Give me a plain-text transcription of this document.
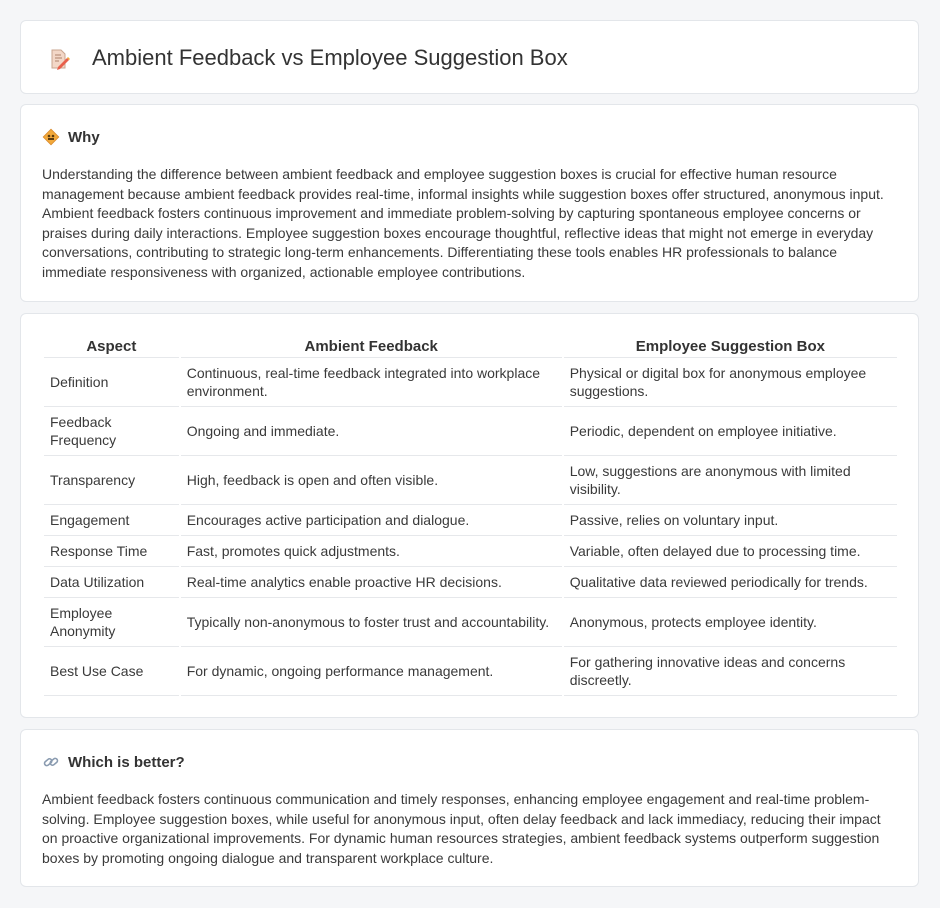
Ambient Feedback vs Employee Suggestion Box
Why

Understanding the difference between ambient feedback and employee suggestion boxes is crucial for effective human resource management because ambient feedback provides real-time, informal insights while suggestion boxes offer structured, anonymous input. Ambient feedback fosters continuous improvement and immediate problem-solving by capturing spontaneous employee concerns or praises during daily interactions. Employee suggestion boxes encourage thoughtful, reflective ideas that might not emerge in everyday conversations, contributing to strategic long-term enhancements. Differentiating these tools enables HR professionals to balance immediate responsiveness with organized, actionable employee contributions.

Aspect	Ambient Feedback	Employee Suggestion Box
Definition	Continuous, real-time feedback integrated into workplace environment.	Physical or digital box for anonymous employee suggestions.
Feedback Frequency	Ongoing and immediate.	Periodic, dependent on employee initiative.
Transparency	High, feedback is open and often visible.	Low, suggestions are anonymous with limited visibility.
Engagement	Encourages active participation and dialogue.	Passive, relies on voluntary input.
Response Time	Fast, promotes quick adjustments.	Variable, often delayed due to processing time.
Data Utilization	Real-time analytics enable proactive HR decisions.	Qualitative data reviewed periodically for trends.
Employee Anonymity	Typically non-anonymous to foster trust and accountability.	Anonymous, protects employee identity.
Best Use Case	For dynamic, ongoing performance management.	For gathering innovative ideas and concerns discreetly.
Which is better?

Ambient feedback fosters continuous communication and timely responses, enhancing employee engagement and real-time problem-solving. Employee suggestion boxes, while useful for anonymous input, often delay feedback and lack immediacy, reducing their impact on proactive organizational improvements. For dynamic human resources strategies, ambient feedback systems outperform suggestion boxes by promoting ongoing dialogue and transparent workplace culture.
